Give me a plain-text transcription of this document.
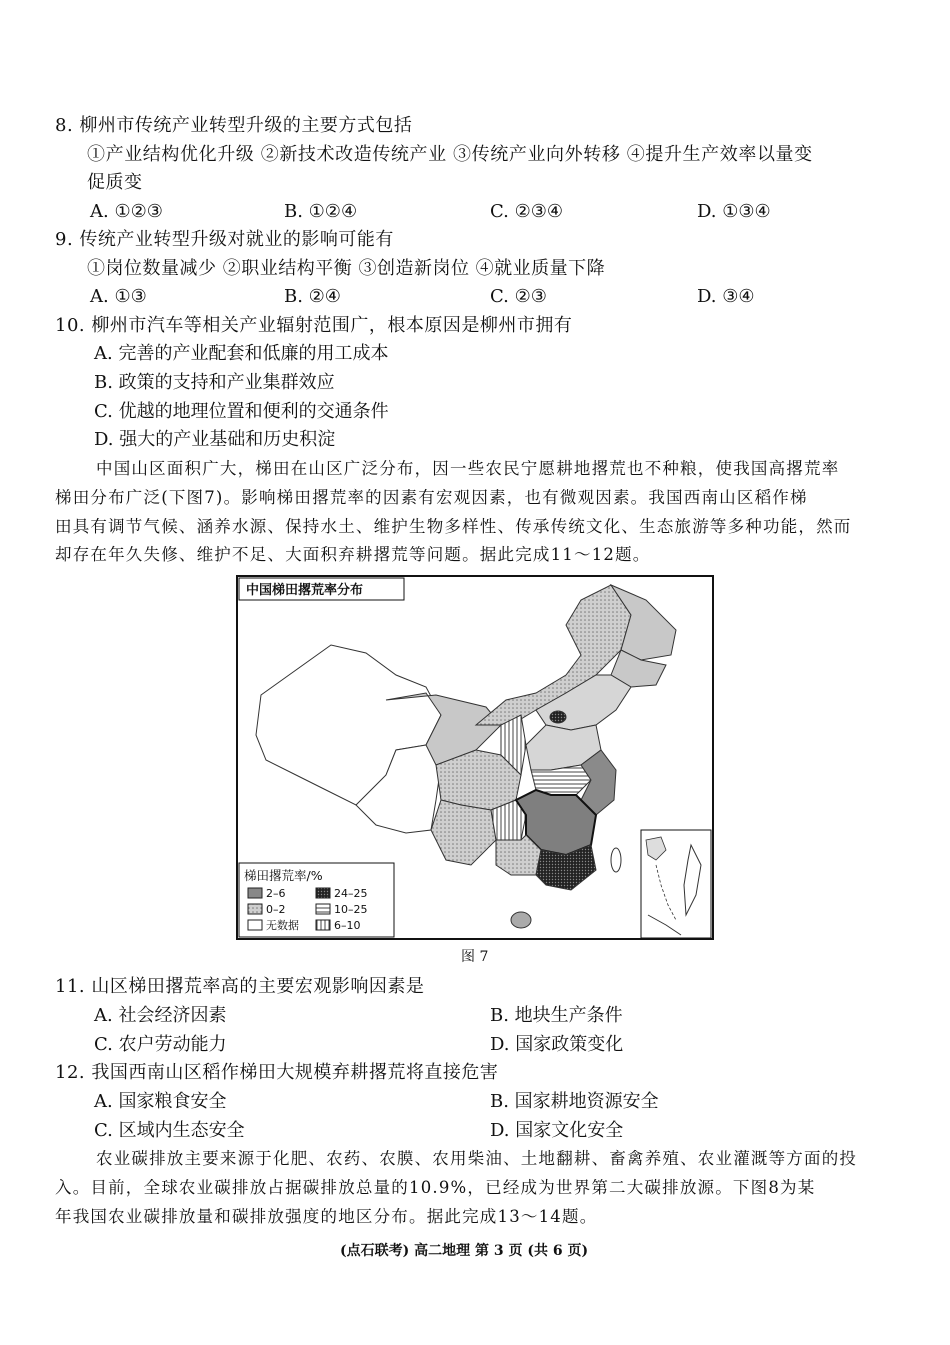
8. 柳州市传统产业转型升级的主要方式包括
①产业结构优化升级 ②新技术改造传统产业 ③传统产业向外转移 ④提升生产效率以量变
促质变
A. ①②③	B. ①②④	C. ②③④	D. ①③④
9. 传统产业转型升级对就业的影响可能有
①岗位数量减少 ②职业结构平衡 ③创造新岗位 ④就业质量下降
A. ①③	B. ②④	C. ②③	D. ③④
10. 柳州市汽车等相关产业辐射范围广，根本原因是柳州市拥有
A. 完善的产业配套和低廉的用工成本
B. 政策的支持和产业集群效应
C. 优越的地理位置和便利的交通条件
D. 强大的产业基础和历史积淀
中国山区面积广大，梯田在山区广泛分布，因一些农民宁愿耕地撂荒也不种粮，使我国高撂荒率
梯田分布广泛(下图7)。影响梯田撂荒率的因素有宏观因素，也有微观因素。我国西南山区稻作梯
田具有调节气候、涵养水源、保持水土、维护生物多样性、传承传统文化、生态旅游等多种功能，然而
却存在年久失修、维护不足、大面积弃耕撂荒等问题。据此完成11～12题。
中国梯田撂荒率分布
梯田撂荒率/%
2–6	24–25
0–2	10–25
无数据	6–10
图 7
11. 山区梯田撂荒率高的主要宏观影响因素是
A. 社会经济因素	B. 地块生产条件
C. 农户劳动能力	D. 国家政策变化
12. 我国西南山区稻作梯田大规模弃耕撂荒将直接危害
A. 国家粮食安全	B. 国家耕地资源安全
C. 区域内生态安全	D. 国家文化安全
农业碳排放主要来源于化肥、农药、农膜、农用柴油、土地翻耕、畜禽养殖、农业灌溉等方面的投
入。目前，全球农业碳排放占据碳排放总量的10.9%，已经成为世界第二大碳排放源。下图8为某
年我国农业碳排放量和碳排放强度的地区分布。据此完成13～14题。
(点石联考) 高二地理 第 3 页 (共 6 页)
